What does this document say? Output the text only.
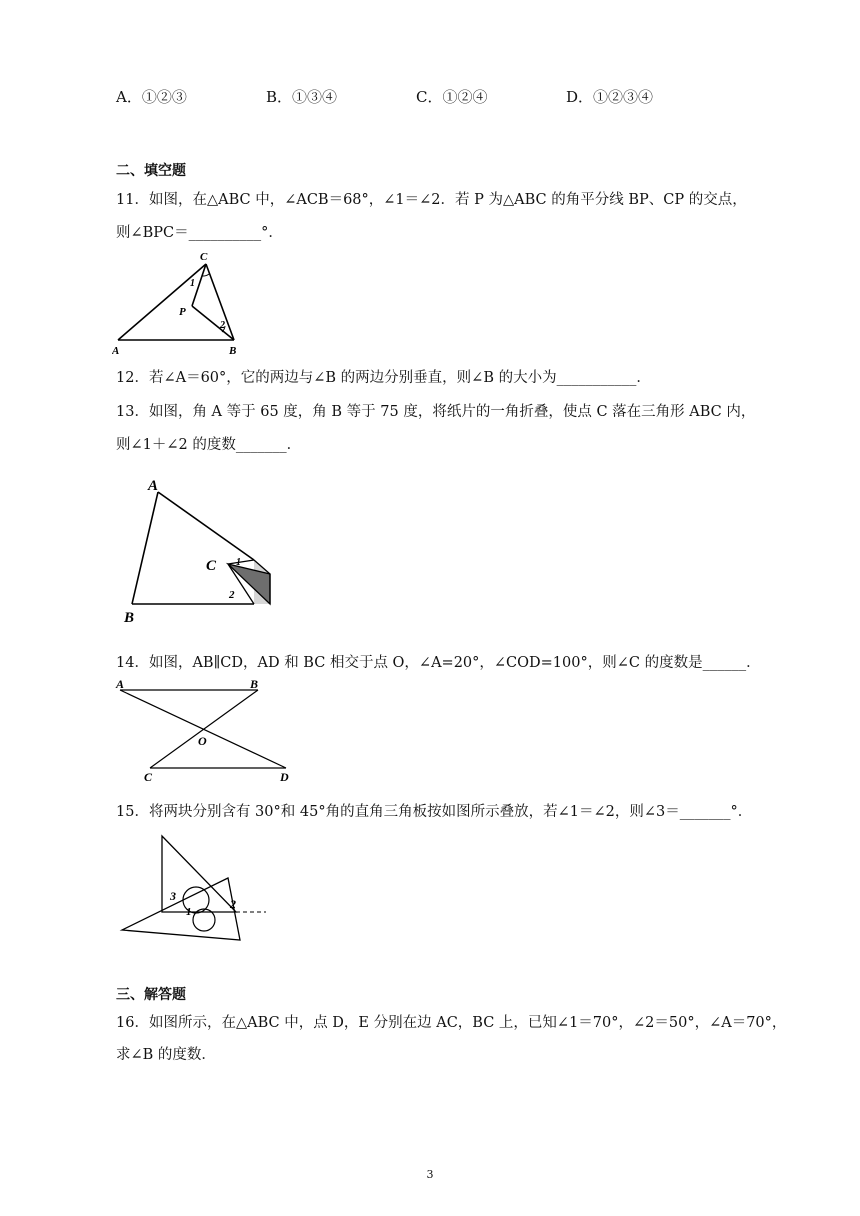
A．①②③	B．①③④	C．①②④	D．①②③④
二、填空题
11．如图，在△ABC 中，∠ACB＝68°，∠1＝∠2．若 P 为△ABC 的角平分线 BP、CP 的交点，
则∠BPC＝__________°．
C
1
P
2
A	B
12．若∠A＝60°，它的两边与∠B 的两边分别垂直，则∠B 的大小为___________．
13．如图，角 A 等于 65 度，角 B 等于 75 度，将纸片的一角折叠，使点 C 落在三角形 ABC 内，
则∠1＋∠2 的度数_______．
A
C 1
2
B
14．如图，AB∥CD，AD 和 BC 相交于点 O，∠A=20°，∠COD=100°，则∠C 的度数是______．
A	B
O
C	D
15．将两块分别含有 30°和 45°角的直角三角板按如图所示叠放，若∠1＝∠2，则∠3＝_______°．
3
1
2
三、解答题
16．如图所示，在△ABC 中，点 D，E 分别在边 AC，BC 上，已知∠1＝70°，∠2＝50°，∠A＝70°，
求∠B 的度数．
3
